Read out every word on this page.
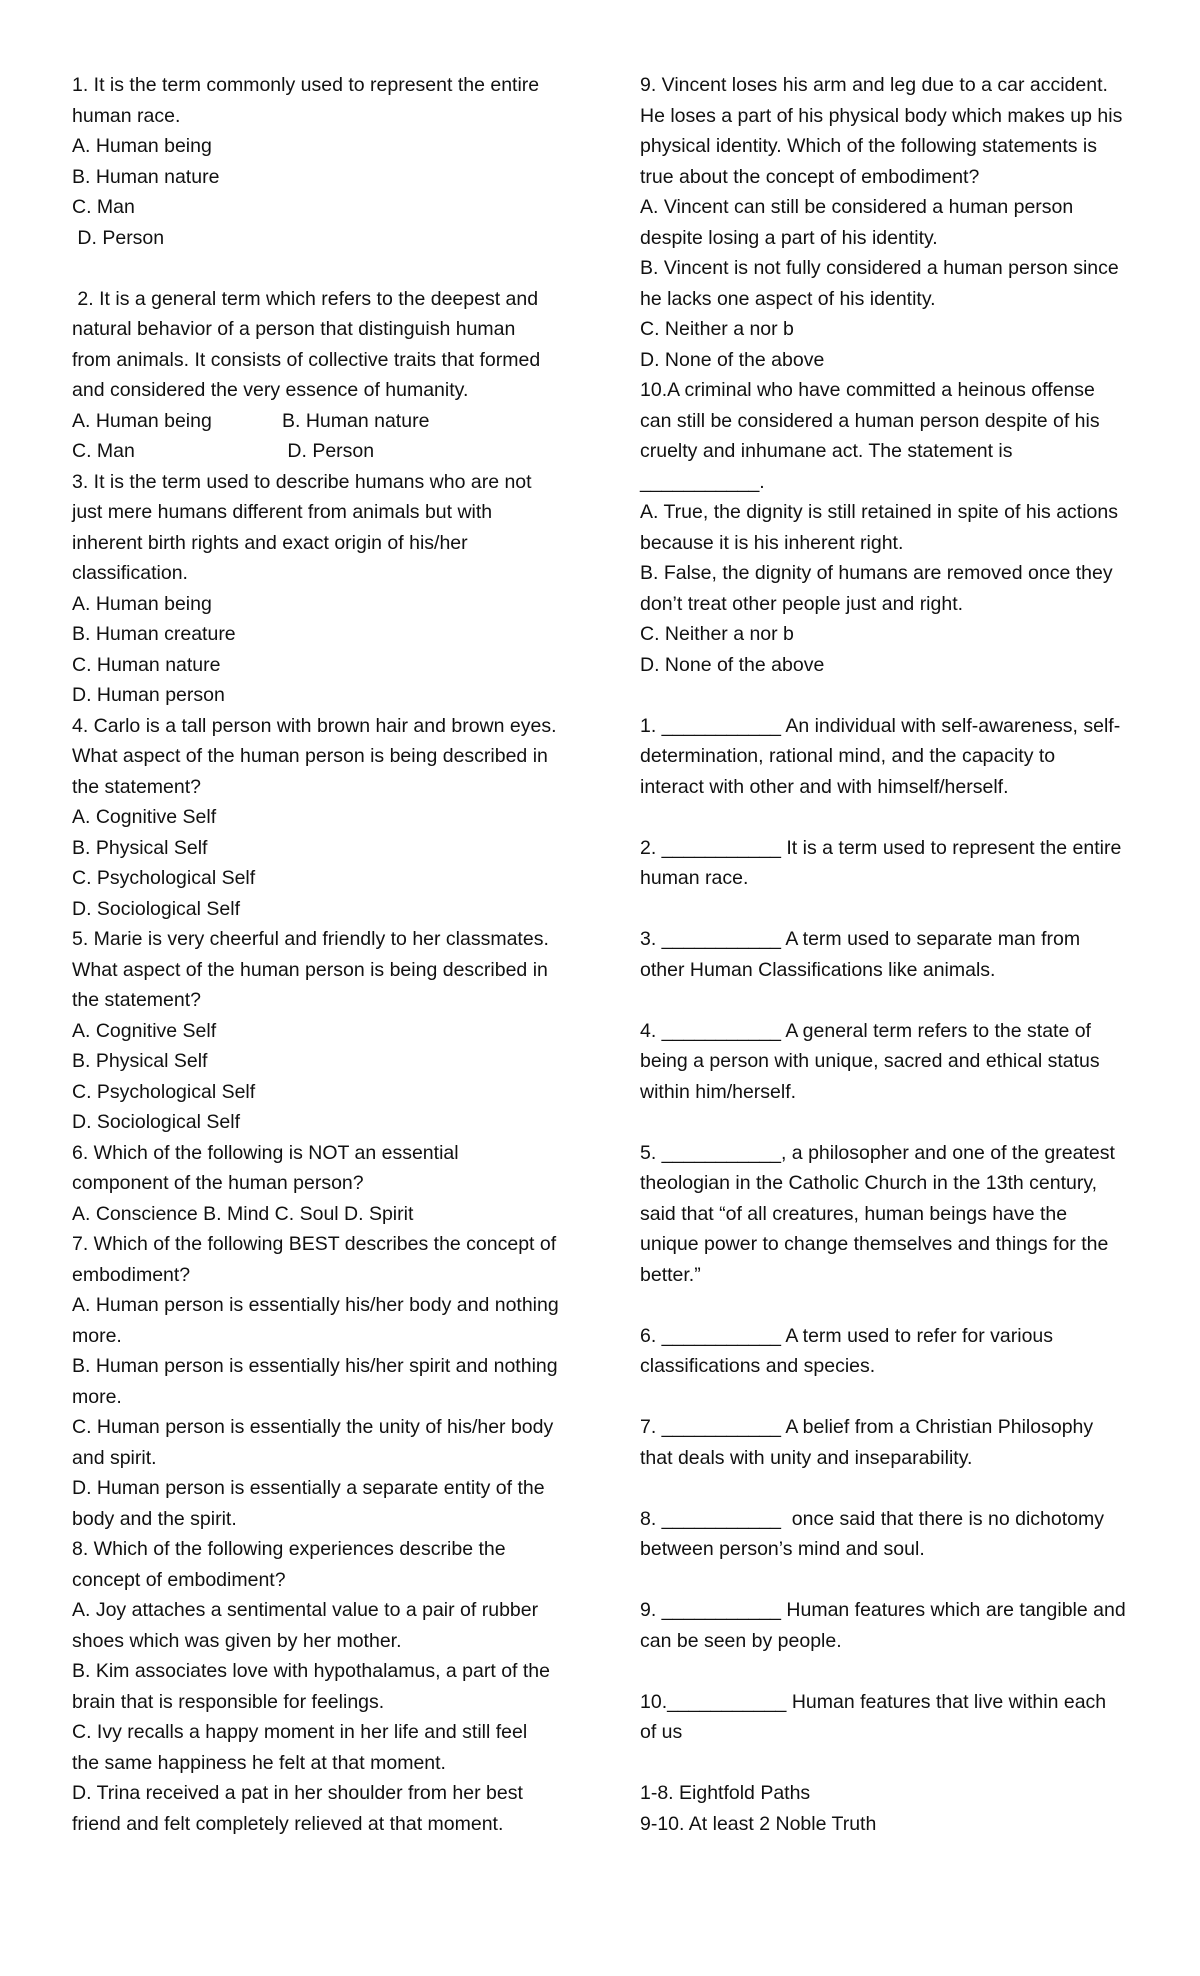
1. It is the term commonly used to represent the entire

human race.

A. Human being

B. Human nature

C. Man

D. Person

2. It is a general term which refers to the deepest and

natural behavior of a person that distinguish human

from animals. It consists of collective traits that formed

and considered the very essence of humanity.

A. Human being	B. Human nature
C. Man	D. Person

3. It is the term used to describe humans who are not

just mere humans different from animals but with

inherent birth rights and exact origin of his/her

classification.

A. Human being

B. Human creature

C. Human nature

D. Human person

4. Carlo is a tall person with brown hair and brown eyes.

What aspect of the human person is being described in

the statement?

A. Cognitive Self

B. Physical Self

C. Psychological Self

D. Sociological Self

5. Marie is very cheerful and friendly to her classmates.

What aspect of the human person is being described in

the statement?

A. Cognitive Self

B. Physical Self

C. Psychological Self

D. Sociological Self

6. Which of the following is NOT an essential

component of the human person?

A. Conscience B. Mind C. Soul D. Spirit

7. Which of the following BEST describes the concept of

embodiment?

A. Human person is essentially his/her body and nothing

more.

B. Human person is essentially his/her spirit and nothing

more.

C. Human person is essentially the unity of his/her body

and spirit.

D. Human person is essentially a separate entity of the

body and the spirit.

8. Which of the following experiences describe the

concept of embodiment?

A. Joy attaches a sentimental value to a pair of rubber

shoes which was given by her mother.

B. Kim associates love with hypothalamus, a part of the

brain that is responsible for feelings.

C. Ivy recalls a happy moment in her life and still feel

the same happiness he felt at that moment.

D. Trina received a pat in her shoulder from her best

friend and felt completely relieved at that moment.

9. Vincent loses his arm and leg due to a car accident.

He loses a part of his physical body which makes up his

physical identity. Which of the following statements is

true about the concept of embodiment?

A. Vincent can still be considered a human person

despite losing a part of his identity.

B. Vincent is not fully considered a human person since

he lacks one aspect of his identity.

C. Neither a nor b

D. None of the above

10.A criminal who have committed a heinous offense

can still be considered a human person despite of his

cruelty and inhumane act. The statement is

___________.

A. True, the dignity is still retained in spite of his actions

because it is his inherent right.

B. False, the dignity of humans are removed once they

don’t treat other people just and right.

C. Neither a nor b

D. None of the above

1. ___________ An individual with self-awareness, self-

determination, rational mind, and the capacity to

interact with other and with himself/herself.

2. ___________ It is a term used to represent the entire

human race.

3. ___________ A term used to separate man from

other Human Classifications like animals.

4. ___________ A general term refers to the state of

being a person with unique, sacred and ethical status

within him/herself.

5. ___________, a philosopher and one of the greatest

theologian in the Catholic Church in the 13th century,

said that “of all creatures, human beings have the

unique power to change themselves and things for the

better.”

6. ___________ A term used to refer for various

classifications and species.

7. ___________ A belief from a Christian Philosophy

that deals with unity and inseparability.

8. ___________  once said that there is no dichotomy

between person’s mind and soul.

9. ___________ Human features which are tangible and

can be seen by people.

10.___________ Human features that live within each

of us

1-8. Eightfold Paths

9-10. At least 2 Noble Truth
